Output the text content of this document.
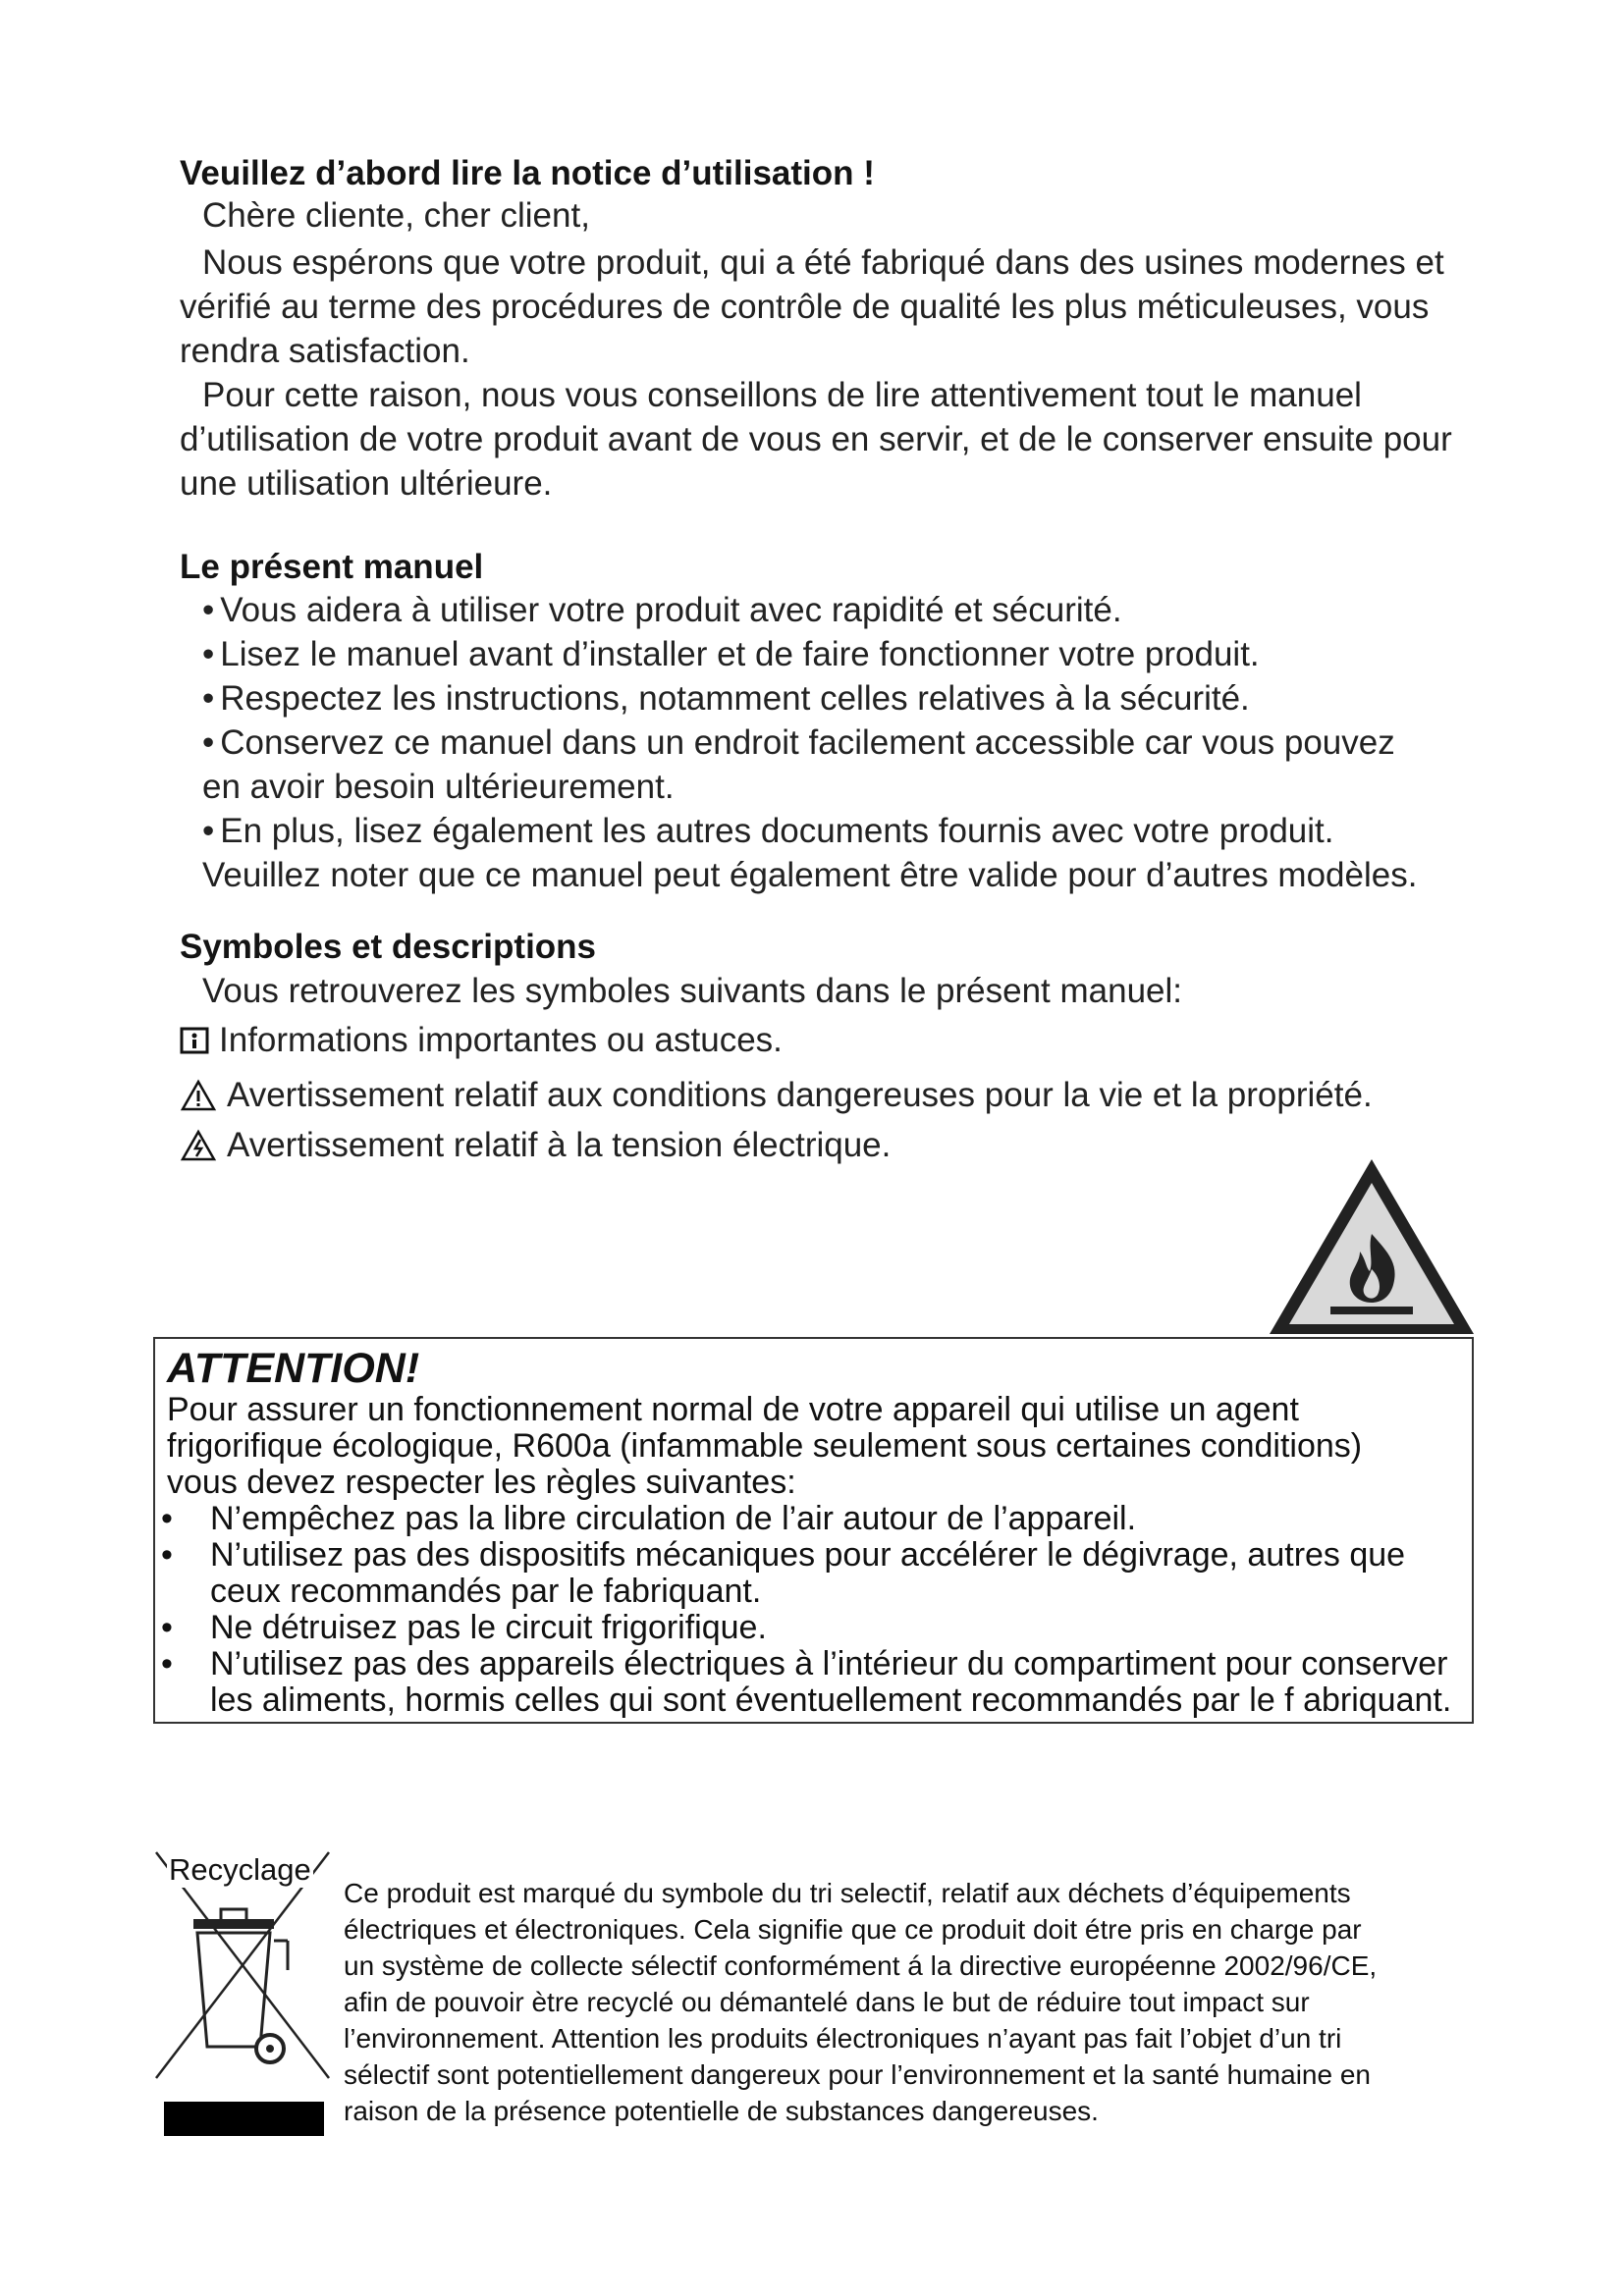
Veuillez d’abord lire la notice d’utilisation !
Chère cliente, cher client,
Nous espérons que votre produit, qui a été fabriqué dans des usines modernes et vérifié au terme des procédures de contrôle de qualité les plus méticuleuses, vous rendra satisfaction.
Pour cette raison, nous vous conseillons de lire attentivement tout le manuel d’utilisation de votre produit avant de vous en servir, et de le conserver ensuite pour une utilisation ultérieure.
Le présent manuel
• Vous aidera à utiliser votre produit avec rapidité et sécurité.
• Lisez le manuel avant d’installer et de faire fonctionner votre produit.
• Respectez les instructions, notamment celles relatives à la sécurité.
• Conservez ce manuel dans un endroit facilement accessible car vous pouvez
en avoir besoin ultérieurement.
• En plus, lisez également les autres documents fournis avec votre produit.
Veuillez noter que ce manuel peut également être valide pour d’autres modèles.
Symboles et descriptions
Vous retrouverez les symboles suivants dans le présent manuel:
Informations importantes ou astuces.
Avertissement relatif aux conditions dangereuses pour la vie et la propriété.
Avertissement relatif à la tension électrique.
ATTENTION!
Pour assurer un fonctionnement normal de votre appareil qui utilise un agent
frigorifique écologique, R600a (infammable seulement sous certaines conditions)
vous devez respecter les règles suivantes:
• N’empêchez pas la libre circulation de l’air autour de l’appareil.
• N’utilisez pas des dispositifs mécaniques pour accélérer le dégivrage, autres que
ceux recommandés par le fabriquant.
• Ne détruisez pas le circuit frigorifique.
• N’utilisez pas des appareils électriques à l’intérieur du compartiment pour conserver
les aliments, hormis celles qui sont éventuellement recommandés par le f abriquant.
Recyclage
Ce produit est marqué du symbole du tri selectif, relatif aux déchets d’équipements
électriques et électroniques. Cela signifie que ce produit doit étre pris en charge par
un système de collecte sélectif conformément á la directive européenne 2002/96/CE,
afin de pouvoir ètre recyclé ou démantelé dans le but de réduire tout impact sur
l’environnement. Attention les produits électroniques n’ayant pas fait l’objet d’un tri
sélectif sont potentiellement dangereux pour l’environnement et la santé humaine en
raison de la présence potentielle de substances dangereuses.
